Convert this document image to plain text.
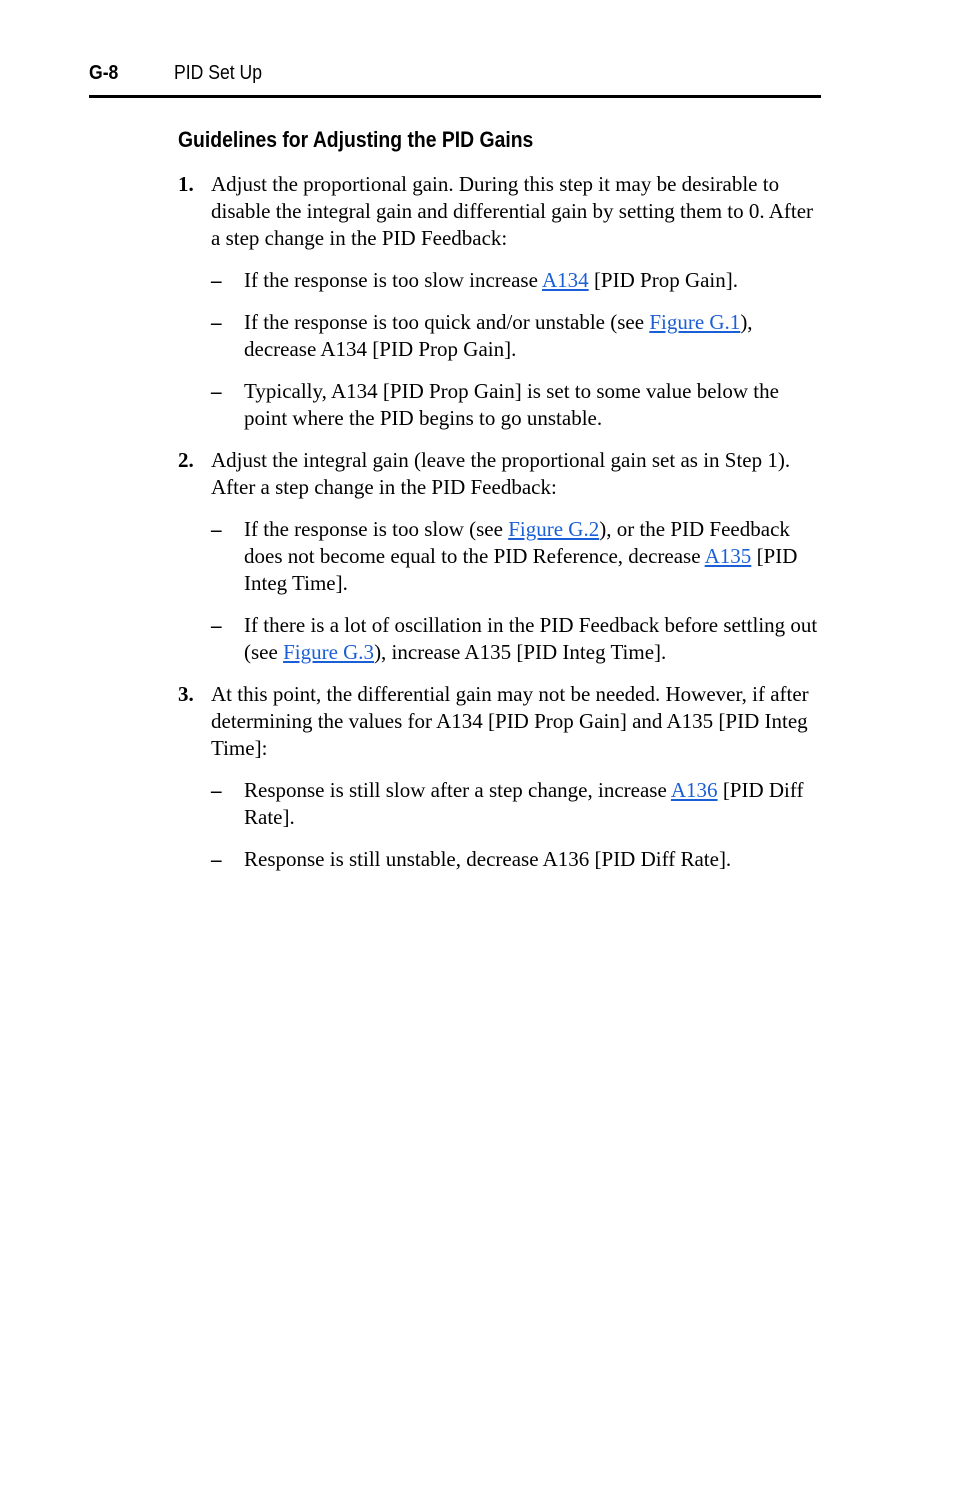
G-8	PID Set Up
Guidelines for Adjusting the PID Gains
1. Adjust the proportional gain. During this step it may be desirable to disable the integral gain and differential gain by setting them to 0. After a step change in the PID Feedback:
– If the response is too slow increase A134 [PID Prop Gain].
– If the response is too quick and/or unstable (see Figure G.1), decrease A134 [PID Prop Gain].
– Typically, A134 [PID Prop Gain] is set to some value below the point where the PID begins to go unstable.
2. Adjust the integral gain (leave the proportional gain set as in Step 1). After a step change in the PID Feedback:
– If the response is too slow (see Figure G.2), or the PID Feedback does not become equal to the PID Reference, decrease A135 [PID Integ Time].
– If there is a lot of oscillation in the PID Feedback before settling out (see Figure G.3), increase A135 [PID Integ Time].
3. At this point, the differential gain may not be needed. However, if after determining the values for A134 [PID Prop Gain] and A135 [PID Integ Time]:
– Response is still slow after a step change, increase A136 [PID Diff Rate].
– Response is still unstable, decrease A136 [PID Diff Rate].
